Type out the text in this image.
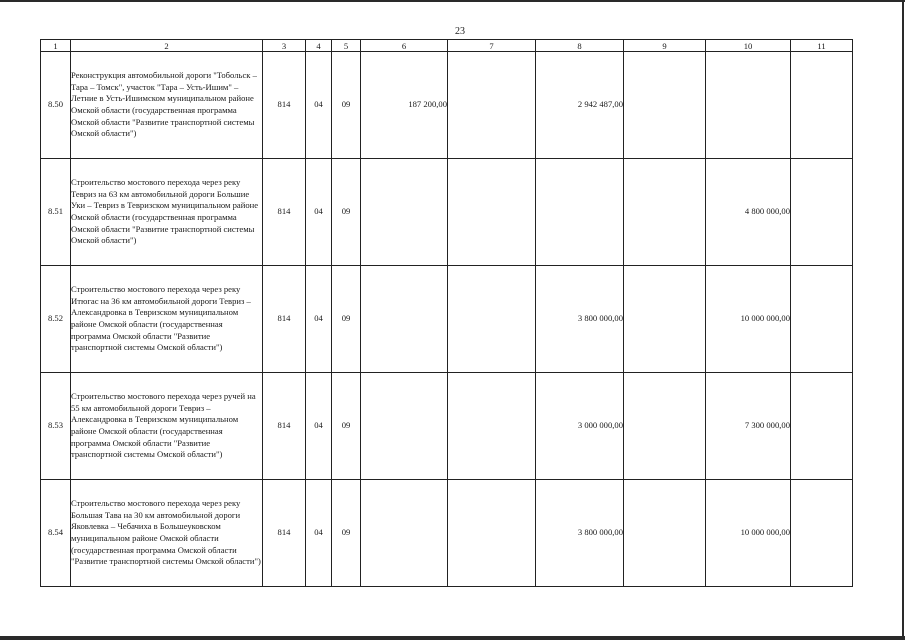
23
1	2	3	4	5	6	7	8	9	10	11
8.50	Реконструкция автомобильной дороги "Тобольск – Тара – Томск", участок "Тара – Усть-Ишим" – Летние в Усть-Ишимском муниципальном районе Омской области (государственная программа Омской области "Развитие транспортной системы Омской области")	814	04	09	187 200,00		2 942 487,00			
8.51	Строительство мостового перехода через реку Тевриз на 63 км автомобильной дороги Большие Уки – Тевриз в Тевризском муниципальном районе Омской области (государственная программа Омской области "Развитие транспортной системы Омской области")	814	04	09					4 800 000,00	
8.52	Строительство мостового перехода через реку Итюгас на 36 км автомобильной дороги Тевриз – Александровка в Тевризском муниципальном районе Омской области (государственная программа Омской области "Развитие транспортной системы Омской области")	814	04	09			3 800 000,00		10 000 000,00	
8.53	Строительство мостового перехода через ручей на 55 км автомобильной дороги Тевриз – Александровка в Тевризском муниципальном районе Омской области (государственная программа Омской области "Развитие транспортной системы Омской области")	814	04	09			3 000 000,00		7 300 000,00	
8.54	Строительство мостового перехода через реку Большая Тава на 30 км автомобильной дороги Яковлевка – Чебачиха в Большеуковском муниципальном районе Омской области (государственная программа Омской области "Развитие транспортной системы Омской области")	814	04	09			3 800 000,00		10 000 000,00	
